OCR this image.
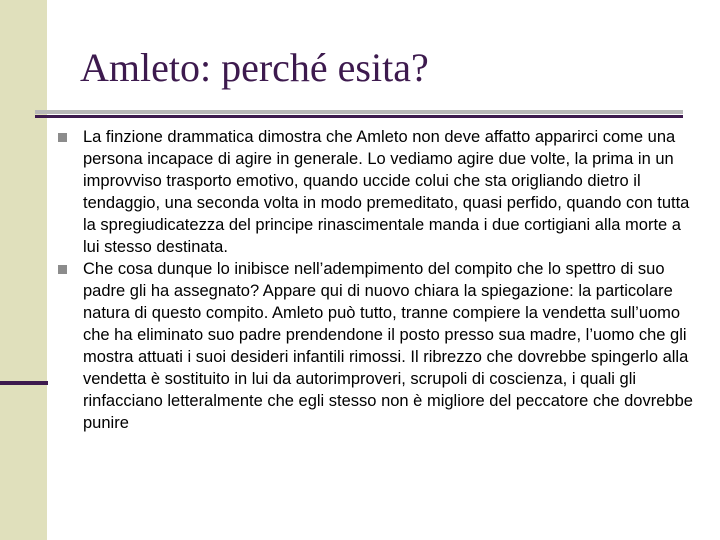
Amleto: perché esita?
La finzione drammatica dimostra che Amleto non deve affatto apparirci come una persona incapace di agire in generale. Lo vediamo agire due volte, la prima in un improvviso trasporto emotivo, quando uccide colui che sta origliando dietro il tendaggio, una seconda volta in modo premeditato, quasi perfido, quando con tutta la spregiudicatezza del principe rinascimentale manda i due cortigiani alla morte a lui stesso destinata.
Che cosa dunque lo inibisce nell’adempimento del compito che lo spettro di suo padre gli ha assegnato? Appare qui di nuovo chiara la spiegazione: la particolare natura di questo compito. Amleto può tutto, tranne compiere la vendetta sull’uomo che ha eliminato suo padre prendendone il posto presso sua madre, l’uomo che gli mostra attuati i suoi desideri infantili rimossi. Il ribrezzo che dovrebbe spingerlo alla vendetta è sostituito in lui da autorimproveri, scrupoli di coscienza, i quali gli rinfacciano letteralmente che egli stesso non è migliore del peccatore che dovrebbe punire
